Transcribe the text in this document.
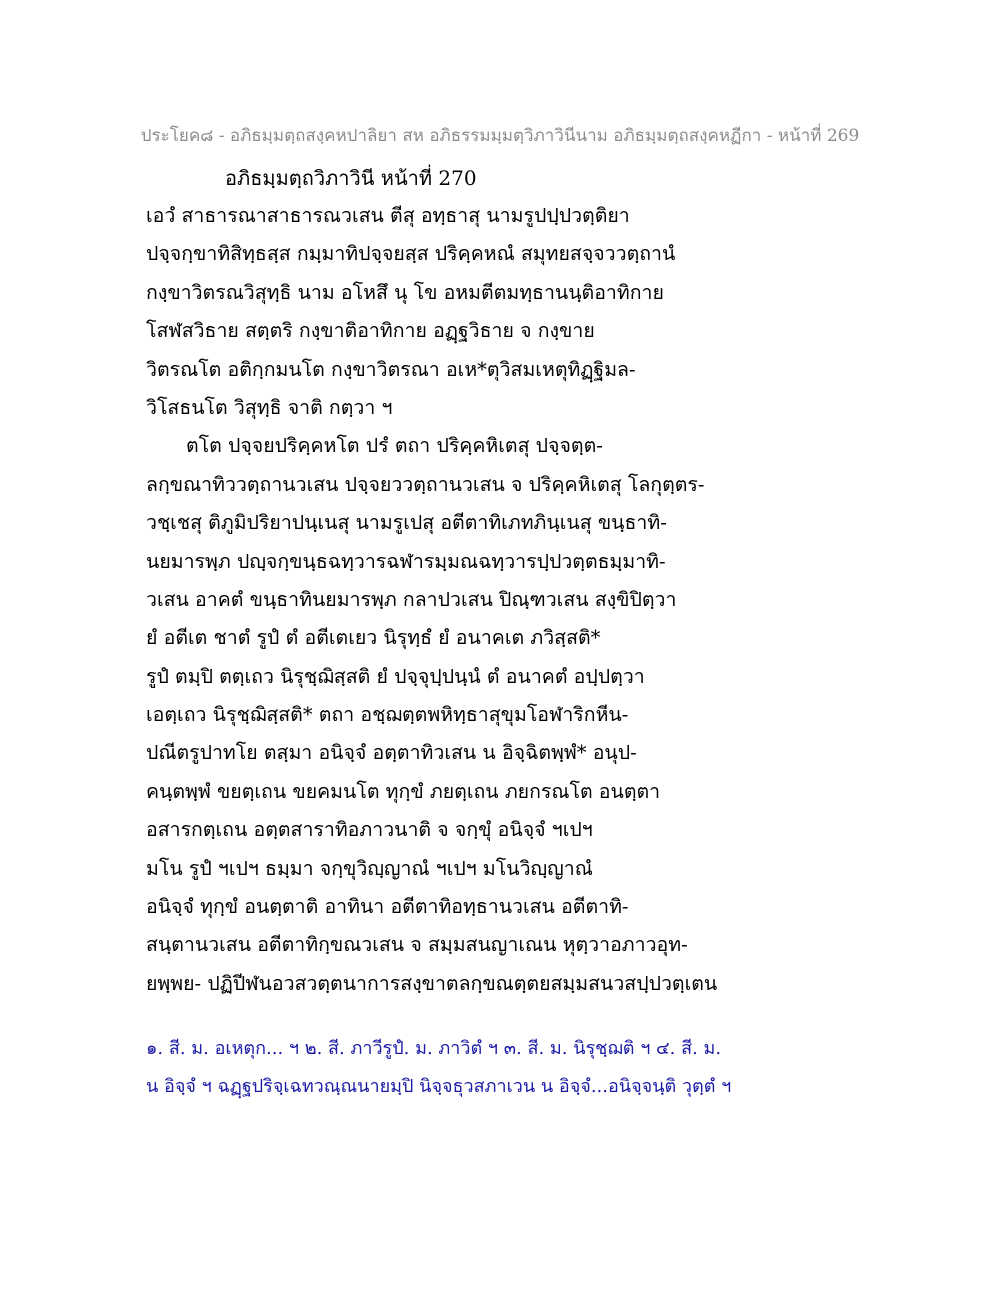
ประโยค๘ - อภิธมฺมตฺถสงฺคหปาลิยา สห อภิธรรมมฺมตฺวิภาวินีนาม อภิธมฺมตฺถสงฺคหฏีกา - หน้าที่ 269
อภิธมฺมตฺถวิภาวินี หน้าที่ 270
เอวํ สาธารณาสาธารณวเสน ตีสุ อทฺธาสุ นามรูปปฺปวตฺติยา
ปจฺจกฺขาทิสิทฺธสฺส กมฺมาทิปจฺจยสฺส ปริคฺคหณํ สมุทยสจฺจววตฺถานํ
กงฺขาวิตรณวิสุทฺธิ นาม อโหสึ นุ โข อหมตีตมทฺธานนฺติอาทิกาย
โสฬสวิธาย สตฺตริ กงฺขาติอาทิกาย อฏฺฐวิธาย จ กงฺขาย
วิตรณโต อติกฺกมนโต กงฺขาวิตรณา อเห*ตุวิสมเหตุทิฏฺฐิมล-
วิโสธนโต วิสุทฺธิ จาติ กตฺวา ฯ
ตโต ปจฺจยปริคฺคหโต ปรํ ตถา ปริคฺคหิเตสุ ปจฺจตฺต-
ลกฺขณาทิววตฺถานวเสน ปจฺจยววตฺถานวเสน จ ปริคฺคหิเตสุ โลกุตฺตร-
วชฺเชสุ ติภูมิปริยาปนฺเนสุ นามรูเปสุ อตีตาทิเภทภินฺเนสุ ขนฺธาทิ-
นยมารพฺภ ปญฺจกฺขนฺธฉทฺวารฉฬารมฺมณฉทฺวารปฺปวตฺตธมฺมาทิ-
วเสน อาคตํ ขนฺธาทินยมารพฺภ กลาปวเสน ปิณฺฑวเสน สงฺขิปิตฺวา
ยํ อตีเต ชาตํ รูปํ ตํ อตีเตเยว นิรุทฺธํ ยํ อนาคเต ภวิสฺสติ*
รูปํ ตมฺปิ ตตฺเถว นิรุชฺฌิสฺสติ ยํ ปจฺจุปฺปนฺนํ ตํ อนาคตํ อปฺปตฺวา
เอตฺเถว นิรุชฺฌิสฺสติ* ตถา อชฺฌตฺตพหิทฺธาสุขุมโอฬาริกหีน-
ปณีตรูปาทโย ตสฺมา อนิจฺจํ อตฺตาทิวเสน น อิจฺฉิตพฺพํ* อนุป-
คนฺตพฺพํ ขยตฺเถน ขยคมนโต ทุกฺขํ ภยตฺเถน ภยกรณโต อนตฺตา
อสารกตฺเถน อตฺตสาราทิอภาวนาติ จ จกฺขุํ อนิจฺจํ ฯเปฯ
มโน รูปํ ฯเปฯ ธมฺมา จกฺขุวิญฺญาณํ ฯเปฯ มโนวิญฺญาณํ
อนิจฺจํ ทุกฺขํ อนตฺตาติ อาทินา อตีตาทิอทฺธานวเสน อตีตาทิ-
สนฺตานวเสน อตีตาทิกฺขณวเสน จ สมฺมสนญาเณน หุตฺวาอภาวอุท-
ยพฺพย- ปฏิปีฬนอวสวตฺตนาการสงฺขาตลกฺขณตฺตยสมฺมสนวสปฺปวตฺเตน
๑. สี. ม. อเหตุก... ฯ ๒. สี. ภาวีรูปํ. ม. ภาวิตํ ฯ ๓. สี. ม. นิรุชฺฌติ ฯ ๔. สี. ม.
น อิจฺจํ ฯ ฉฏฺฐปริจฺเฉทวณฺณนายมฺปิ นิจฺจธุวสภาเวน น อิจฺจํ...อนิจฺจนฺติ วุตฺตํ ฯ
